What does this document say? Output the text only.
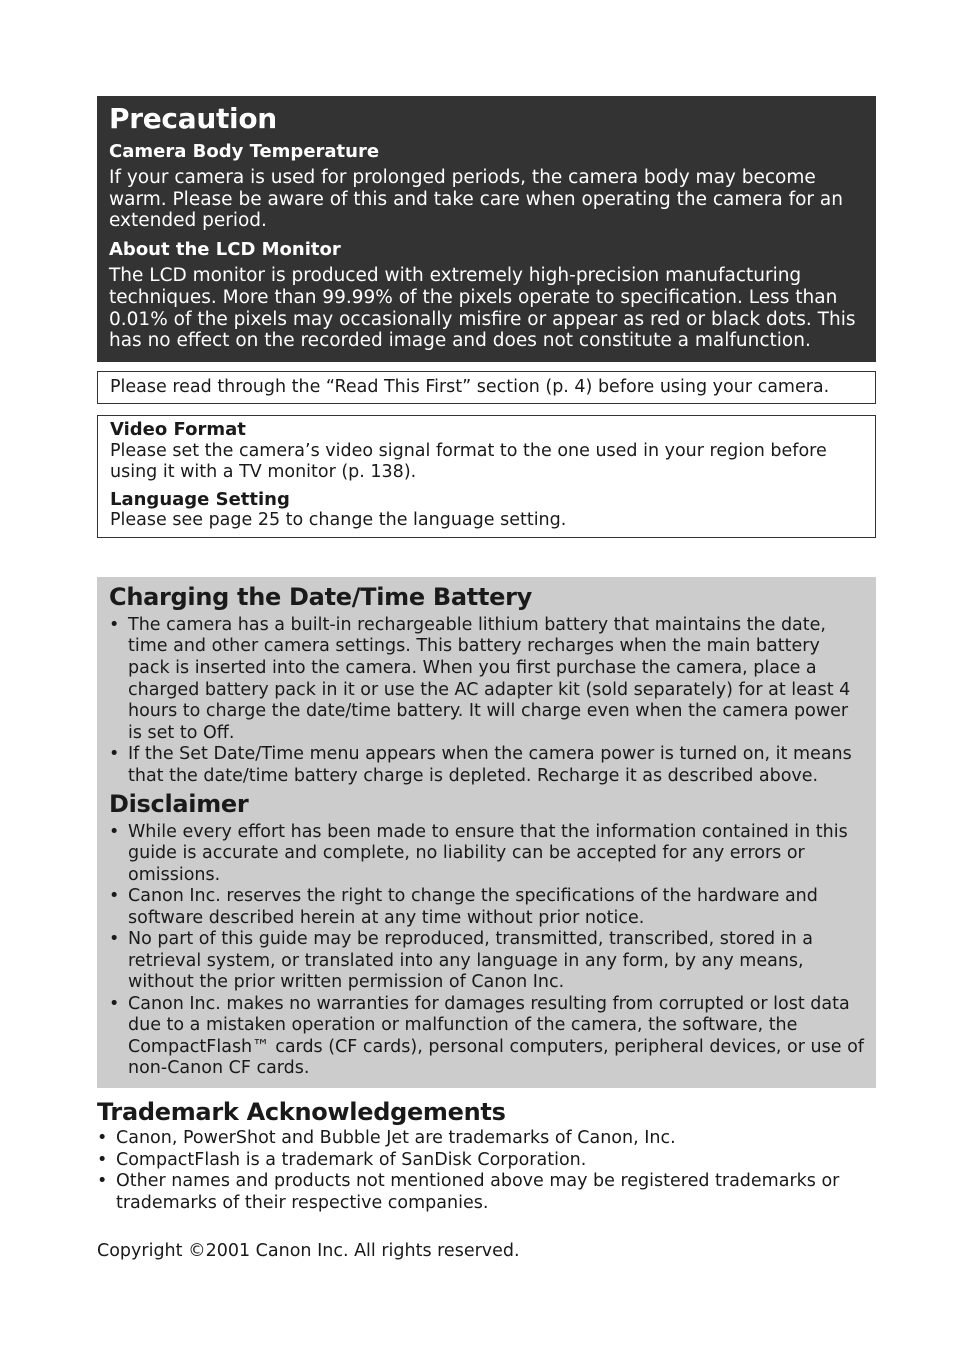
Precaution
Camera Body Temperature

If your camera is used for prolonged periods, the camera body may become warm. Please be aware of this and take care when operating the camera for an extended period.

About the LCD Monitor

The LCD monitor is produced with extremely high-precision manufacturing techniques. More than 99.99% of the pixels operate to specification. Less than 0.01% of the pixels may occasionally misfire or appear as red or black dots. This has no effect on the recorded image and does not constitute a malfunction.

Please read through the “Read This First” section (p. 4) before using your camera.
Video Format

Please set the camera’s video signal format to the one used in your region before using it with a TV monitor (p. 138).

Language Setting

Please see page 25 to change the language setting.

Charging the Date/Time Battery
• The camera has a built-in rechargeable lithium battery that maintains the date, time and other camera settings. This battery recharges when the main battery pack is inserted into the camera. When you first purchase the camera, place a charged battery pack in it or use the AC adapter kit (sold separately) for at least 4 hours to charge the date/time battery. It will charge even when the camera power is set to Off.
• If the Set Date/Time menu appears when the camera power is turned on, it means that the date/time battery charge is depleted. Recharge it as described above.
Disclaimer
• While every effort has been made to ensure that the information contained in this guide is accurate and complete, no liability can be accepted for any errors or omissions.
• Canon Inc. reserves the right to change the specifications of the hardware and software described herein at any time without prior notice.
• No part of this guide may be reproduced, transmitted, transcribed, stored in a retrieval system, or translated into any language in any form, by any means, without the prior written permission of Canon Inc.
• Canon Inc. makes no warranties for damages resulting from corrupted or lost data due to a mistaken operation or malfunction of the camera, the software, the CompactFlash™ cards (CF cards), personal computers, peripheral devices, or use of non-Canon CF cards.
Trademark Acknowledgements
• Canon, PowerShot and Bubble Jet are trademarks of Canon, Inc.
• CompactFlash is a trademark of SanDisk Corporation.
• Other names and products not mentioned above may be registered trademarks or trademarks of their respective companies.
Copyright ©2001 Canon Inc. All rights reserved.
